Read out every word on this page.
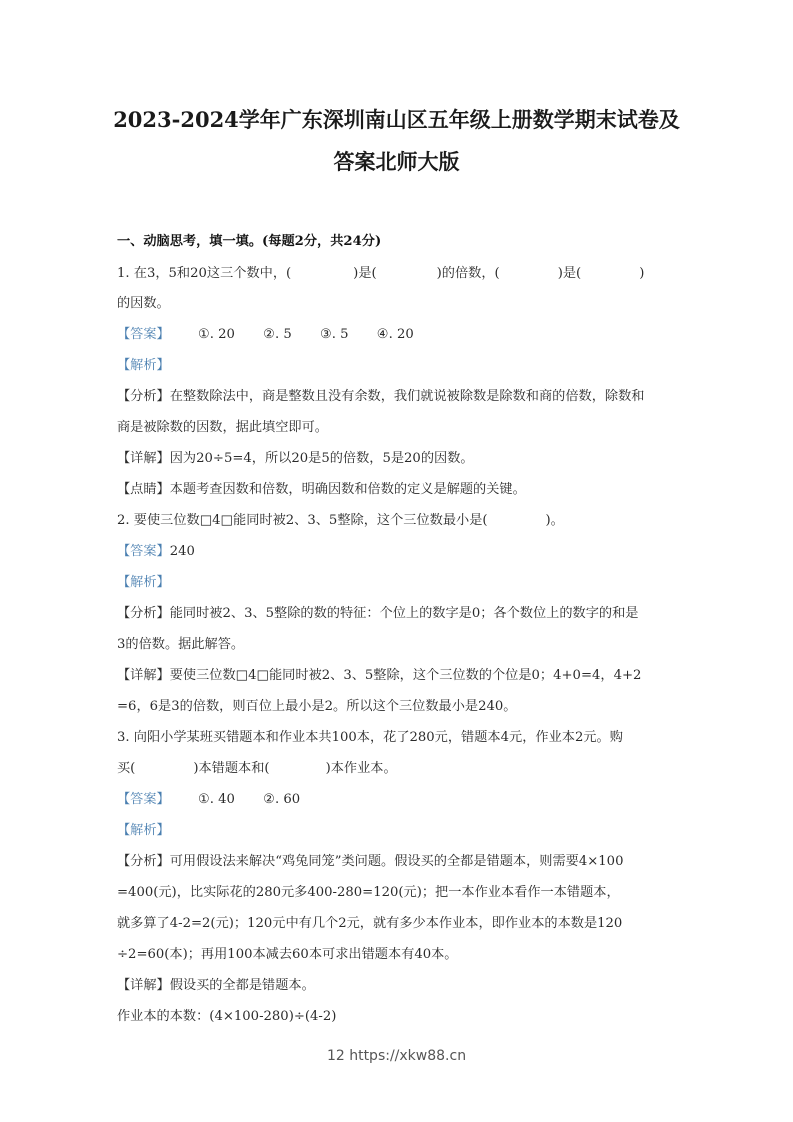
2023-2024学年广东深圳南山区五年级上册数学期末试卷及
答案北师大版
一、动脑思考，填一填。(每题2分，共24分)
1. 在3，5和20这三个数中，(	)是(	)的倍数，(	)是(	)
的因数。
【答案】 ①. 20 ②. 5 ③. 5 ④. 20
【解析】
【分析】在整数除法中，商是整数且没有余数，我们就说被除数是除数和商的倍数，除数和
商是被除数的因数，据此填空即可。
【详解】因为20÷5=4，所以20是5的倍数，5是20的因数。
【点睛】本题考查因数和倍数，明确因数和倍数的定义是解题的关键。
2. 要使三位数□4□能同时被2、3、5整除，这个三位数最小是(	)。
【答案】240
【解析】
【分析】能同时被2、3、5整除的数的特征：个位上的数字是0；各个数位上的数字的和是
3的倍数。据此解答。
【详解】要使三位数□4□能同时被2、3、5整除，这个三位数的个位是0；4+0=4，4+2
=6，6是3的倍数，则百位上最小是2。所以这个三位数最小是240。
3. 向阳小学某班买错题本和作业本共100本，花了280元，错题本4元，作业本2元。购
买(	)本错题本和(	)本作业本。
【答案】 ①. 40 ②. 60
【解析】
【分析】可用假设法来解决“鸡兔同笼”类问题。假设买的全都是错题本，则需要4×100
=400(元)，比实际花的280元多400-280=120(元)；把一本作业本看作一本错题本，
就多算了4-2=2(元)；120元中有几个2元，就有多少本作业本，即作业本的本数是120
÷2=60(本)；再用100本减去60本可求出错题本有40本。
【详解】假设买的全都是错题本。
作业本的本数：(4×100-280)÷(4-2)
12 https://xkw88.cn
